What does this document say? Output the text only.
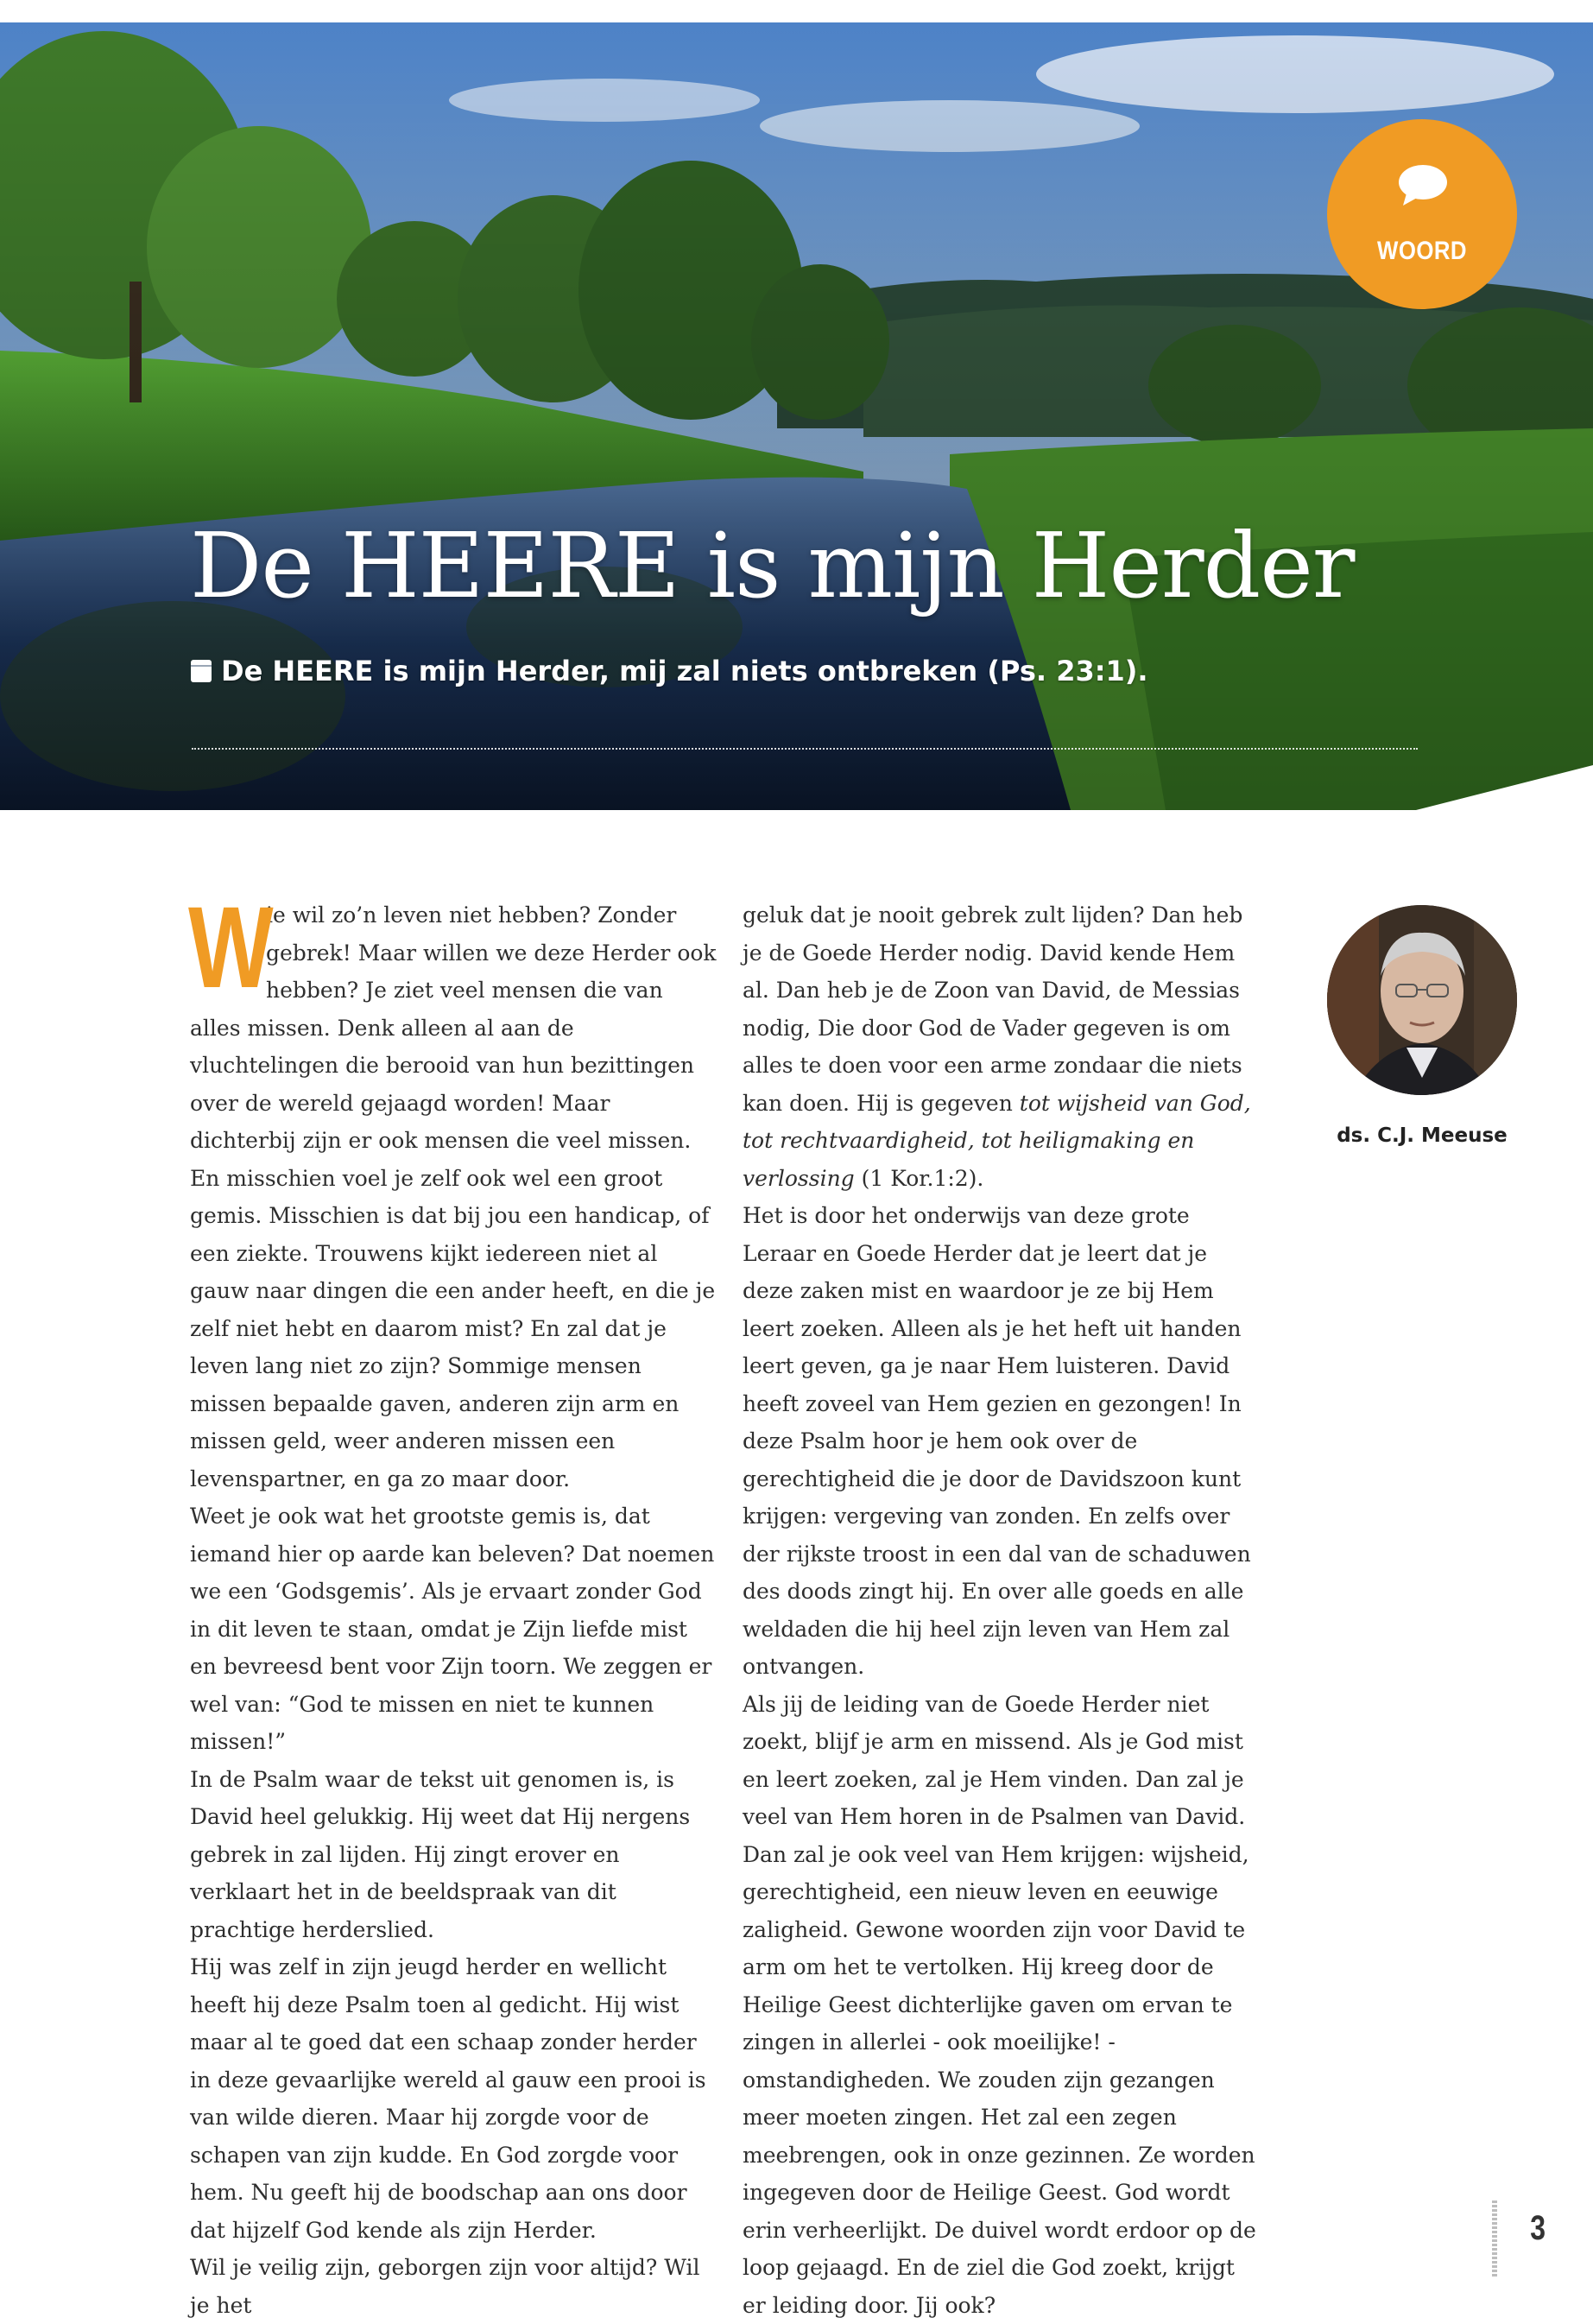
WOORD
De HEERE is mijn Herder
De HEERE is mijn Herder, mij zal niets ontbreken (Ps. 23:1).
W

ie wil zo’n leven niet hebben? Zonder gebrek! Maar willen we deze Herder ook hebben? Je ziet veel mensen die van alles missen. Denk alleen al aan de vluchtelingen die berooid van hun bezittingen over de wereld gejaagd worden! Maar dichterbij zijn er ook mensen die veel missen. En misschien voel je zelf ook wel een groot gemis. Misschien is dat bij jou een handicap, of een ziekte. Trouwens kijkt iedereen niet al gauw naar dingen die een ander heeft, en die je zelf niet hebt en daarom mist? En zal dat je leven lang niet zo zijn? Sommige mensen missen bepaalde gaven, anderen zijn arm en missen geld, weer anderen missen een levenspartner, en ga zo maar door.

Weet je ook wat het grootste gemis is, dat iemand hier op aarde kan beleven? Dat noemen we een ‘Godsgemis’. Als je ervaart zonder God in dit leven te staan, omdat je Zijn liefde mist en bevreesd bent voor Zijn toorn. We zeggen er wel van: “God te missen en niet te kunnen missen!”

In de Psalm waar de tekst uit genomen is, is David heel gelukkig. Hij weet dat Hij nergens gebrek in zal lijden. Hij zingt erover en verklaart het in de beeldspraak van dit prachtige herderslied.

Hij was zelf in zijn jeugd herder en wellicht heeft hij deze Psalm toen al gedicht. Hij wist maar al te goed dat een schaap zonder herder in deze gevaarlijke wereld al gauw een prooi is van wilde dieren. Maar hij zorgde voor de schapen van zijn kudde. En God zorgde voor hem. Nu geeft hij de boodschap aan ons door dat hijzelf God kende als zijn Herder.

Wil je veilig zijn, geborgen zijn voor altijd? Wil je het

geluk dat je nooit gebrek zult lijden? Dan heb je de Goede Herder nodig. David kende Hem al. Dan heb je de Zoon van David, de Messias nodig, Die door God de Vader gegeven is om alles te doen voor een arme zondaar die niets kan doen. Hij is gegeven tot wijsheid van God, tot rechtvaardigheid, tot heiligmaking en verlossing (1 Kor.1:2).

Het is door het onderwijs van deze grote Leraar en Goede Herder dat je leert dat je deze zaken mist en waardoor je ze bij Hem leert zoeken. Alleen als je het heft uit handen leert geven, ga je naar Hem luisteren. David heeft zoveel van Hem gezien en gezongen! In deze Psalm hoor je hem ook over de gerechtigheid die je door de Davidszoon kunt krijgen: vergeving van zonden. En zelfs over der rijkste troost in een dal van de schaduwen des doods zingt hij. En over alle goeds en alle weldaden die hij heel zijn leven van Hem zal ontvangen.

Als jij de leiding van de Goede Herder niet zoekt, blijf je arm en missend. Als je God mist en leert zoeken, zal je Hem vinden. Dan zal je veel van Hem horen in de Psalmen van David. Dan zal je ook veel van Hem krijgen: wijsheid, gerechtigheid, een nieuw leven en eeuwige zaligheid. Gewone woorden zijn voor David te arm om het te vertolken. Hij kreeg door de Heilige Geest dichterlijke gaven om ervan te zingen in allerlei - ook moeilijke! - omstandigheden. We zouden zijn gezangen meer moeten zingen. Het zal een zegen meebrengen, ook in onze gezinnen. Ze worden ingegeven door de Heilige Geest. God wordt erin verheerlijkt. De duivel wordt erdoor op de loop gejaagd. En de ziel die God zoekt, krijgt er leiding door. Jij ook?

ds. C.J. Meeuse
3
